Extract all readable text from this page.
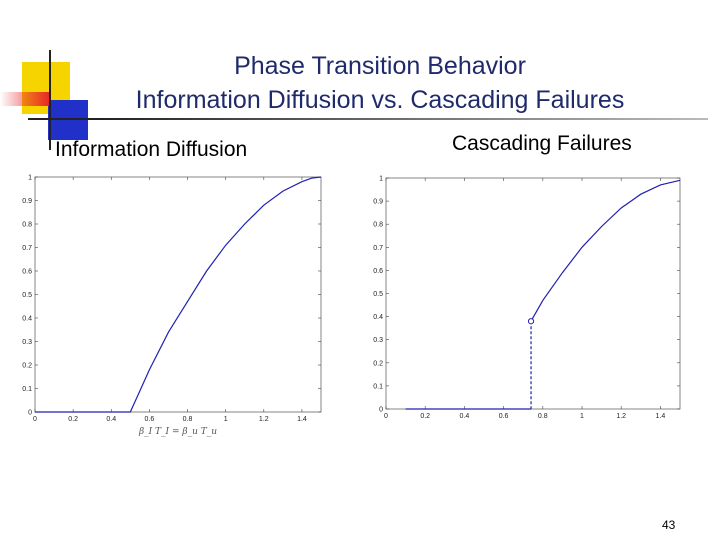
Phase Transition Behavior
Information Diffusion vs. Cascading Failures
Information Diffusion	Cascading Failures
0	0.2	0.4	0.6	0.8	1	1.2	1.4
0
0.1
0.2
0.3
0.4
0.5
0.6
0.7
0.8
0.9
1
β_I T_I = β_u T_u
0	0.2	0.4	0.6	0.8	1	1.2	1.4
0
0.1
0.2
0.3
0.4
0.5
0.6
0.7
0.8
0.9
1
43
